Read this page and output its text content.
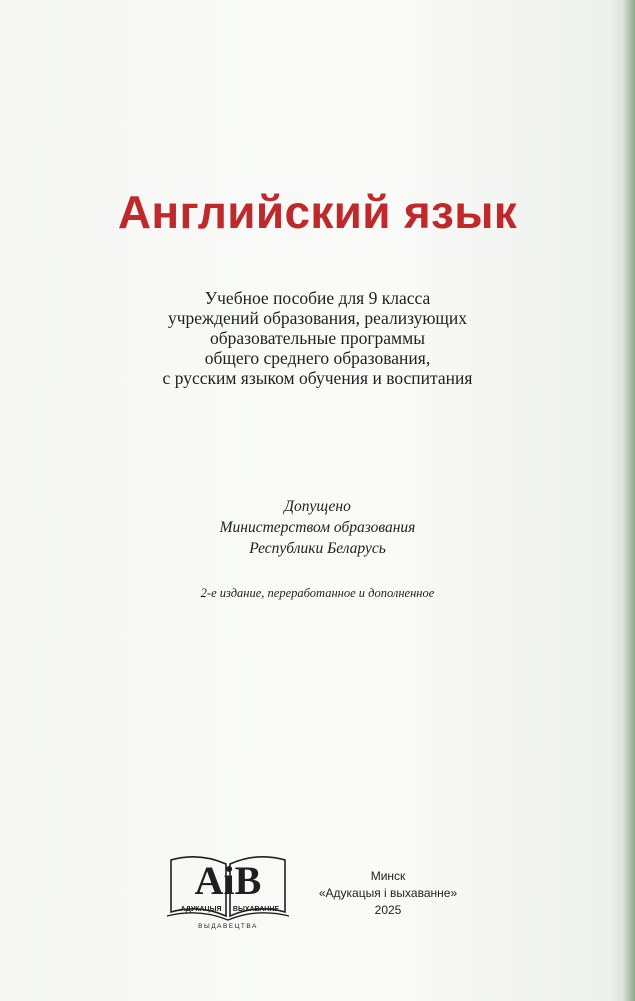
Английский язык
Учебное пособие для 9 класса
учреждений образования, реализующих
образовательные программы
общего среднего образования,
с русским языком обучения и воспитания
Допущено
Министерством образования
Республики Беларусь
2-е издание, переработанное и дополненное
AiB
АДУКАЦЫЯ ВЫХАВАННЕ
ВЫДАВЕЦТВА
Минск
«Адукацыя і выхаванне»
2025
